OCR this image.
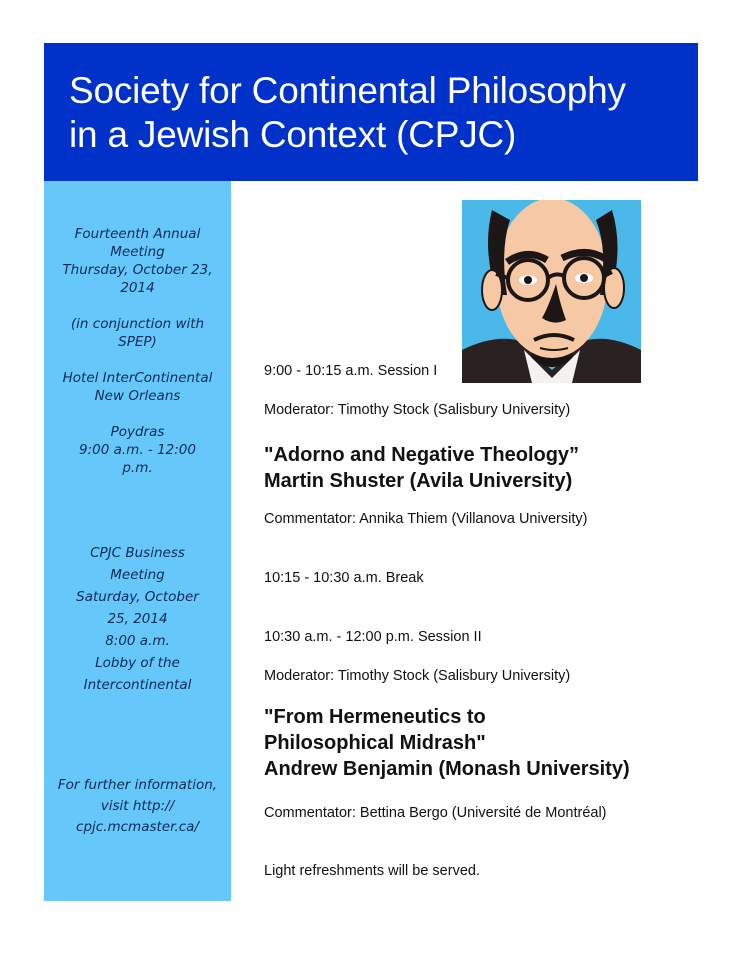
Society for Continental Philosophy
in a Jewish Context (CPJC)
Fourteenth Annual
Meeting
Thursday, October 23,
2014
(in conjunction with
SPEP)
Hotel InterContinental
New Orleans
Poydras
9:00 a.m. - 12:00
p.m.
CPJC Business
Meeting
Saturday, October
25, 2014
8:00 a.m.
Lobby of the
Intercontinental
For further information,
visit http://
cpjc.mcmaster.ca/
9:00 - 10:15 a.m. Session I
Moderator: Timothy Stock (Salisbury University)
"Adorno and Negative Theology”
Martin Shuster (Avila University)
Commentator: Annika Thiem (Villanova University)
10:15 - 10:30 a.m. Break
10:30 a.m. - 12:00 p.m. Session II
Moderator: Timothy Stock (Salisbury University)
"From Hermeneutics to
Philosophical Midrash"
Andrew Benjamin (Monash University)
Commentator: Bettina Bergo (Université de Montréal)
Light refreshments will be served.
